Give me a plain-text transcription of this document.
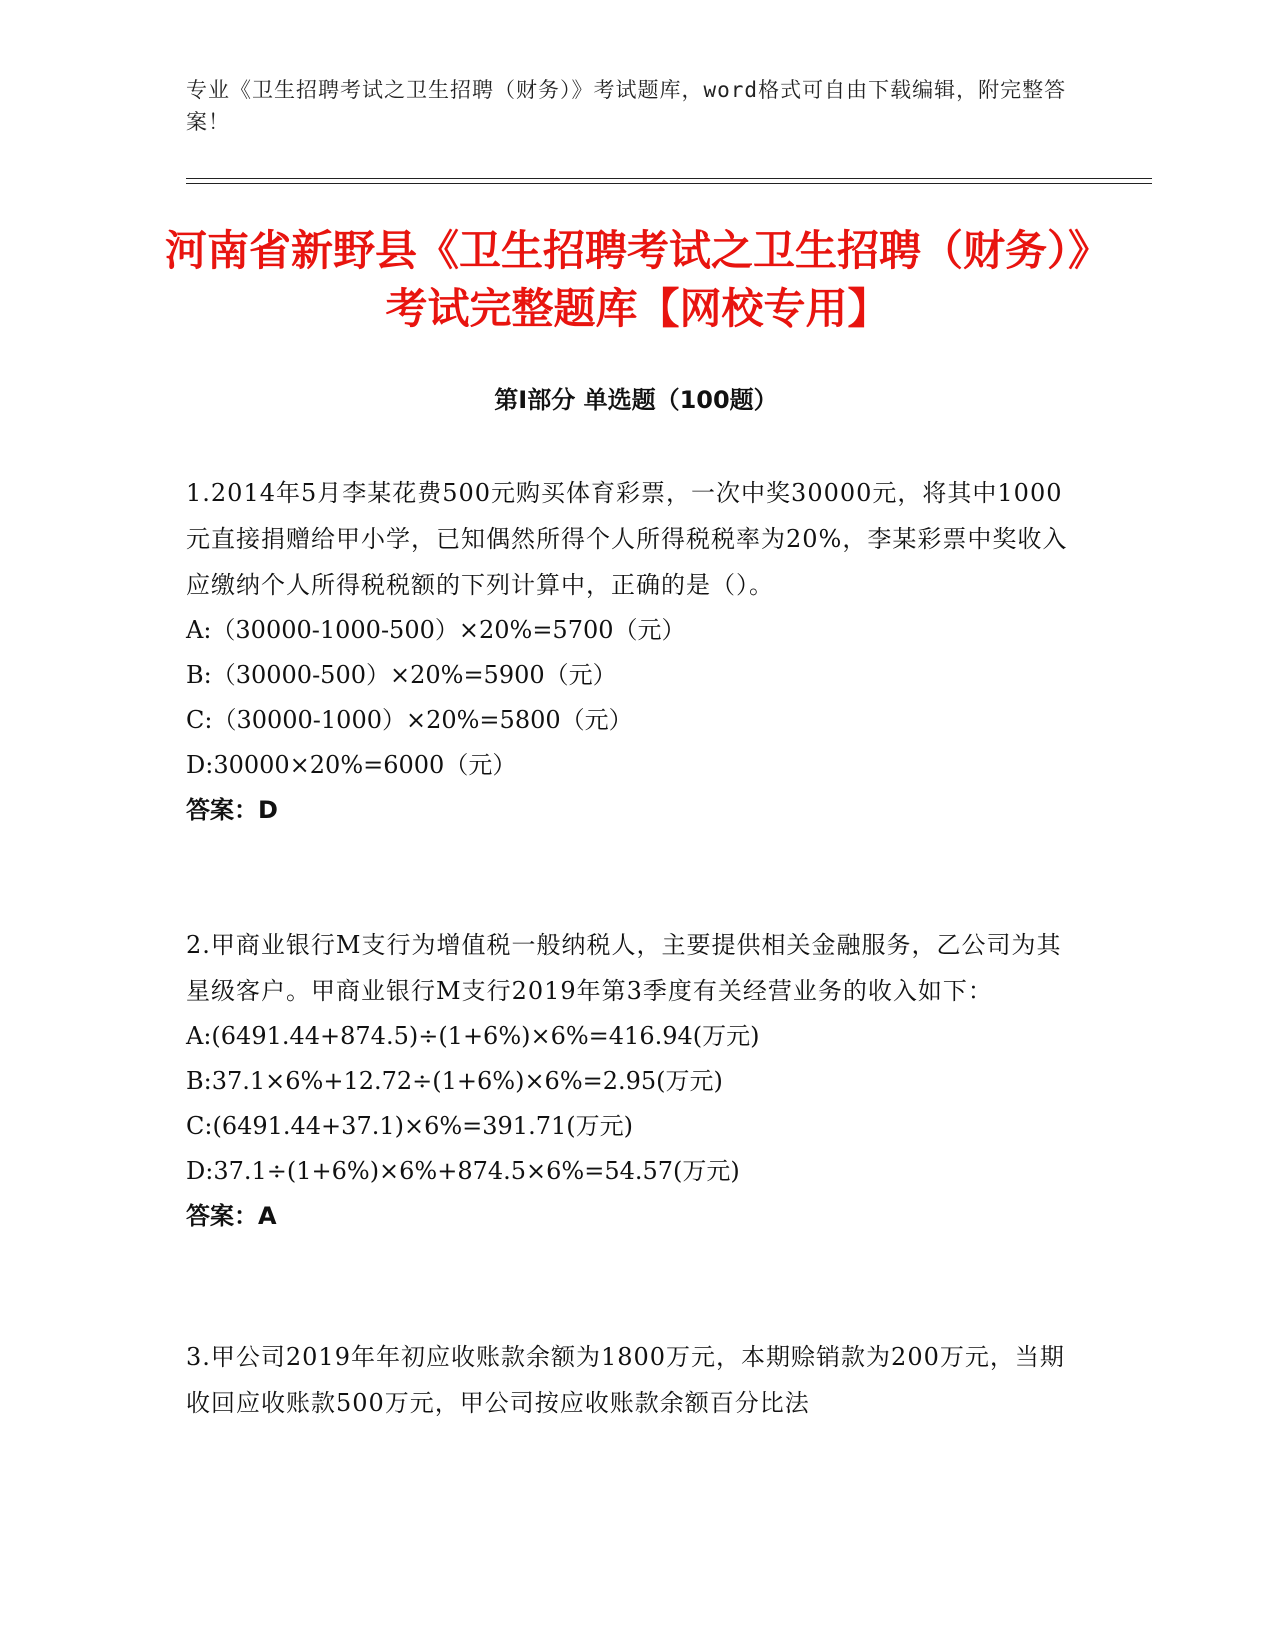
专业《卫生招聘考试之卫生招聘（财务）》考试题库，word格式可自由下载编辑，附完整答案！
河南省新野县《卫生招聘考试之卫生招聘（财务）》考试完整题库【网校专用】
第I部分 单选题（100题）

1.2014年5月李某花费500元购买体育彩票，一次中奖30000元，将其中1000元直接捐赠给甲小学，已知偶然所得个人所得税税率为20%，李某彩票中奖收入应缴纳个人所得税税额的下列计算中，正确的是（）。

A:（30000-1000-500）×20%=5700（元）

B:（30000-500）×20%=5900（元）

C:（30000-1000）×20%=5800（元）

D:30000×20%=6000（元）

答案：D

2.甲商业银行M支行为增值税一般纳税人，主要提供相关金融服务，乙公司为其星级客户。甲商业银行M支行2019年第3季度有关经营业务的收入如下：

A:(6491.44+874.5)÷(1+6%)×6%=416.94(万元)

B:37.1×6%+12.72÷(1+6%)×6%=2.95(万元)

C:(6491.44+37.1)×6%=391.71(万元)

D:37.1÷(1+6%)×6%+874.5×6%=54.57(万元)

答案：A

3.甲公司2019年年初应收账款余额为1800万元，本期赊销款为200万元，当期收回应收账款500万元，甲公司按应收账款余额百分比法
